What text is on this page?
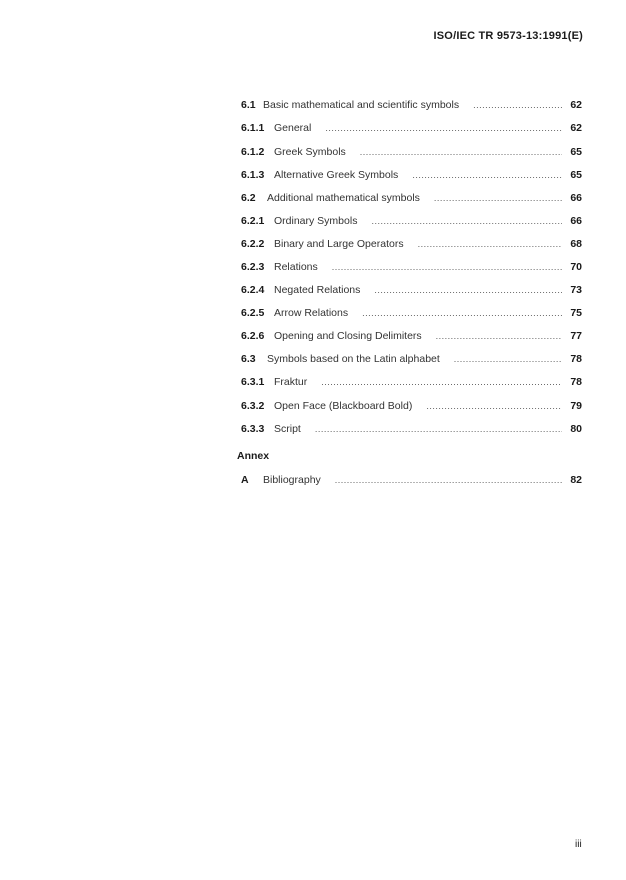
ISO/IEC TR 9573-13:1991(E)
6.1 Basic mathematical and scientific symbols .....	62
6.1.1 General .....	62
6.1.2 Greek Symbols .....	65
6.1.3 Alternative Greek Symbols .....	65
6.2	Additional mathematical symbols .....	66
6.2.1 Ordinary Symbols .....	66
6.2.2 Binary and Large Operators .....	68
6.2.3 Relations .....	70
6.2.4 Negated Relations .....	73
6.2.5 Arrow Relations .....	75
6.2.6 Opening and Closing Delimiters .....	77
6.3	Symbols based on the Latin alphabet .....	78
6.3.1 Fraktur .....	78
6.3.2 Open Face (Blackboard Bold) .....	79
6.3.3 Script .....	80
Annex
A	Bibliography .....	82
iii
